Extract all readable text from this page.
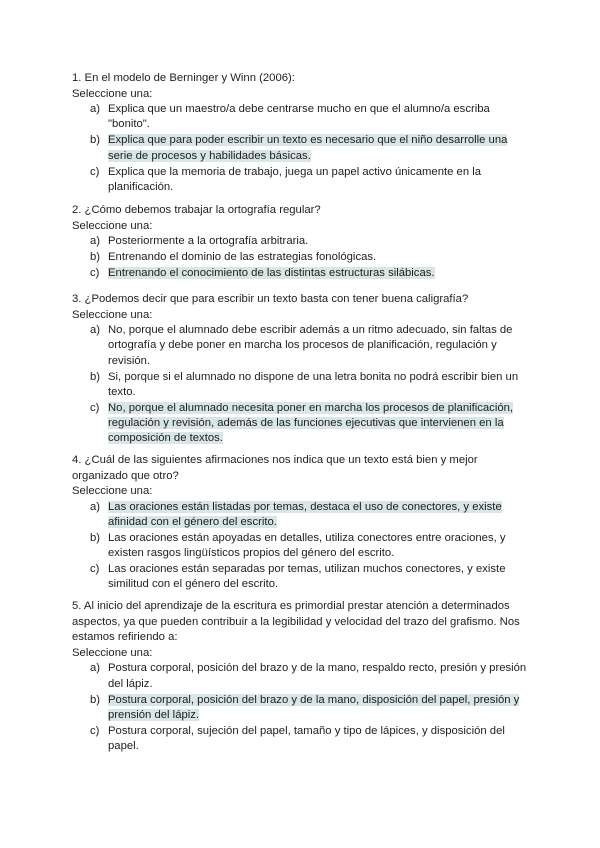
1. En el modelo de Berninger y Winn (2006):

Seleccione una:

a) Explica que un maestro/a debe centrarse mucho en que el alumno/a escriba "bonito".
b) Explica que para poder escribir un texto es necesario que el niño desarrolle una serie de procesos y habilidades básicas.
c) Explica que la memoria de trabajo, juega un papel activo únicamente en la planificación.

2. ¿Cómo debemos trabajar la ortografía regular?

Seleccione una:

a) Posteriormente a la ortografía arbitraria.
b) Entrenando el dominio de las estrategias fonológicas.
c) Entrenando el conocimiento de las distintas estructuras silábicas.

3. ¿Podemos decir que para escribir un texto basta con tener buena caligrafía?

Seleccione una:

a) No, porque el alumnado debe escribir además a un ritmo adecuado, sin faltas de ortografía y debe poner en marcha los procesos de planificación, regulación y revisión.
b) Si, porque si el alumnado no dispone de una letra bonita no podrá escribir bien un texto.
c) No, porque el alumnado necesita poner en marcha los procesos de planificación, regulación y revisión, además de las funciones ejecutivas que intervienen en la composición de textos.

4. ¿Cuál de las siguientes afirmaciones nos indica que un texto está bien y mejor organizado que otro?

Seleccione una:

a) Las oraciones están listadas por temas, destaca el uso de conectores, y existe afinidad con el género del escrito.
b) Las oraciones están apoyadas en detalles, utiliza conectores entre oraciones, y existen rasgos lingüísticos propios del género del escrito.
c) Las oraciones están separadas por temas, utilizan muchos conectores, y existe similitud con el género del escrito.

5. Al inicio del aprendizaje de la escritura es primordial prestar atención a determinados aspectos, ya que pueden contribuir a la legibilidad y velocidad del trazo del grafismo. Nos estamos refiriendo a:

Seleccione una:

a) Postura corporal, posición del brazo y de la mano, respaldo recto, presión y presión del lápiz.
b) Postura corporal, posición del brazo y de la mano, disposición del papel, presión y prensión del lápiz.
c) Postura corporal, sujeción del papel, tamaño y tipo de lápices, y disposición del papel.
